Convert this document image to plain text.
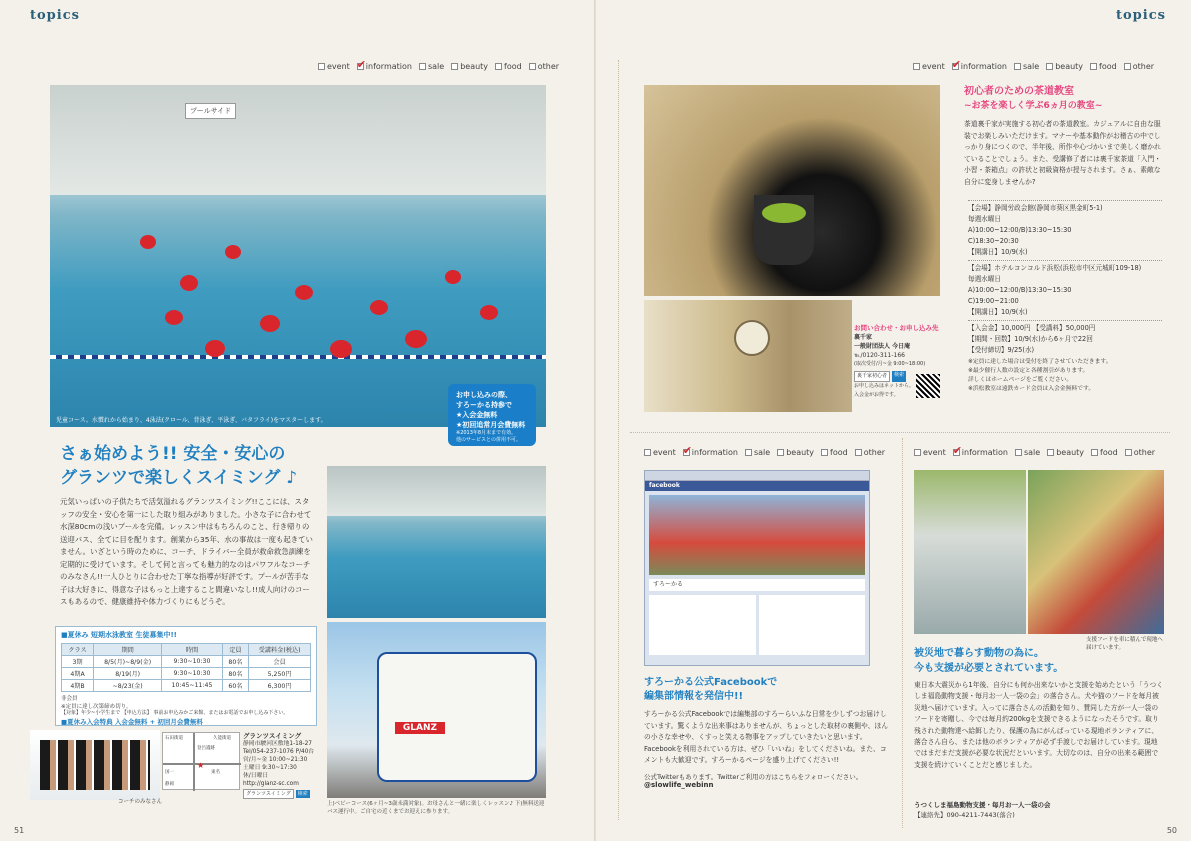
topics
event ✔ information sale beauty food other
プールサイド
児童コース。水慣れから始まり、4泳法(クロール、背泳ぎ、平泳ぎ、バタフライ)をマスターします。
お申し込みの際、
すろーかる持参で
★入会金無料
★初回追常月会費無料
※2013年8月末まで有効。
他のサービスとの併用不可。
さぁ始めよう!! 安全・安心の
グランツで楽しくスイミング ♪
元気いっぱいの子供たちで活気溢れるグランツスイミング!!ここには、スタッフの安全・安心を第一にした取り組みがありました。小さな子に合わせて水深80cmの浅いプールを完備。レッスン中はもちろんのこと、行き帰りの送迎バス、全てに目を配ります。創業から35年、水の事故は一度も起きていません。いざという時のために、コーチ、ドライバー全員が救命救急訓練を定期的に受けています。そして何と言っても魅力的なのはパワフルなコーチのみなさん!!一人ひとりに合わせた丁寧な指導が好評です。プールが苦手な子は大好きに、得意な子はもっと上達すること間違いなし!!成人向けのコースもあるので、健康維持や体力づくりにもどうぞ。
■夏休み 短期水泳教室 生徒募集中!!
クラス	期間	時間	定員	受講料金(税込)
3期	8/5(月)~8/9(金)	9:30~10:30	80名	会員
4期A	8/19(月)	9:30~10:30	80名	5,250円
4期B	~8/23(金)	10:45~11:45	60名	6,300円
非会員
※定員に達し次第締め切り。
【対象】年少~小学生まで 【申込方法】 事前お申込みかご来館、またはお電話でお申し込み下さい。
■夏休み入会特典 入会金無料 + 初回月会費無料
GLANZ
上)ベビーコース(6ヶ月~3歳未満対象)。お母さんと一緒に楽しくレッスン♪ 下)無料送迎バス運行中。ご自宅の近くまでお迎えに参ります。
コーチのみなさん
石田街道
登呂遺跡
久能街道
国一	東名
静岡
★
グランツスイミング
静岡市駿河区敷地1-18-27
Tel/054-237-1076 P/40台
営/月~金 10:00~21:30
土曜日 9:30~17:30
休/日曜日
http://glanz-sc.com
グランツスイミング	検索
51
topics
event ✔ information sale beauty food other
お問い合わせ・お申し込み先
裏千家
一般財団法人 今日庵
℡/0120-311-166
(取次受付/月~金 9:00~18:00)
裏千家初心者	検索
お申し込みはネットから。
入会金がお得です。
初心者のための茶道教室
~お茶を楽しく学ぶ6ヵ月の教室~
茶道裏千家が実施する初心者の茶道教室。カジュアルに自由な服装でお楽しみいただけます。マナーや基本動作がお稽古の中でしっかり身につくので、半年後、所作や心づかいまで美しく磨かれていることでしょう。また、受講修了者には裏千家茶道「入門・小習・茶箱点」の許状と初級資格が授与されます。さぁ、素敵な自分に変身しませんか?
【会場】静岡労政会館(静岡市葵区黒金町5-1)
毎週水曜日
A)10:00~12:00/B)13:30~15:30
C)18:30~20:30
【開講日】10/9(水)
【会場】ホテルコンコルド浜松(浜松市中区元城町109-18)
毎週水曜日
A)10:00~12:00/B)13:30~15:30
C)19:00~21:00
【開講日】10/9(水)
【入会金】10,000円 【受講料】50,000円
【期間・回数】10/9(水)から6ヶ月で22回
【受付締切】9/25(水)
※定員に達した場合は受付を終了させていただきます。
※最少催行人数の設定と各種割引があります。
詳しくはホームページをご覧ください。
※浜松教室は遠鉄カード会員は入会金無料です。
event ✔ information sale beauty food other
facebook
すろーかる
すろーかる公式Facebookで
編集部情報を発信中!!
すろーかる公式Facebookでは編集部のすろーらいふな日常を少しずつお届けしています。驚くような出来事はありませんが、ちょっとした取材の裏側や、ほんの小さな幸せや、くすっと笑える物事をアップしていきたいと思います。Facebookを利用されている方は、ぜひ「いいね」をしてくださいね。また、コメントも大歓迎です。すろーかるページを盛り上げてください!!
公式Twitterもあります。Twitterご利用の方はこちらをフォローください。
@slowlife_webinn
event ✔ information sale beauty food other
支援フードを車に積んで現地へ届けています。
被災地で暮らす動物の為に。
今も支援が必要とされています。
東日本大震災から1年後、自分にも何か出来ないかと支援を始めたという「うつくしま福島動物支援・毎月お一人一袋の会」の落合さん。犬や猫のフードを毎月被災地へ届けています。入ってに落合さんの活動を知り、賛同した方が一人一袋のフードを寄贈し、今では毎月約200kgを支援できるようになったそうです。取り残された動物達へ給餌したり、保護の為にがんばっている現地ボランティアに、落合さん自ら、または他のボランティアが必ず手渡しでお届けしています。現地ではまだまだ支援が必要な状況だといいます。大切なのは、自分の出来る範囲で支援を続けていくことだと感じました。
うつくしま福島動物支援・毎月お一人一袋の会
【連絡先】090-4211-7443(落合)
50
